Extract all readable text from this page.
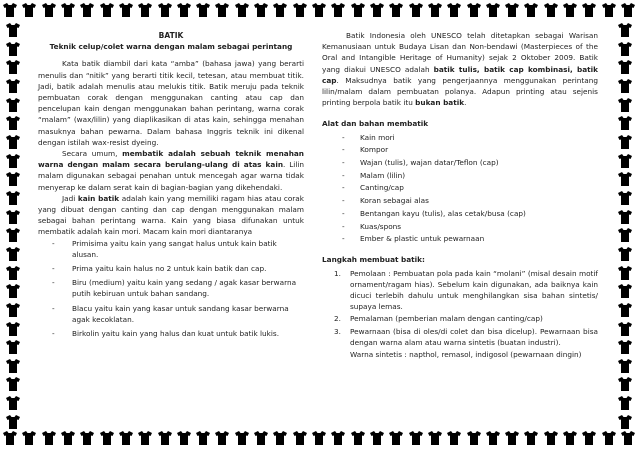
BATIK
Teknik celup/colet warna dengan malam sebagai perintang

Kata batik diambil dari kata “amba” (bahasa jawa) yang berarti menulis dan “nitik” yang berarti titik kecil, tetesan, atau membuat titik. Jadi, batik adalah menulis atau melukis titik. Batik meruju pada teknik pembuatan corak dengan menggunakan canting atau cap dan pencelupan kain dengan menggunakan bahan perintang, warna corak “malam” (wax/lilin) yang diaplikasikan di atas kain, sehingga menahan masuknya bahan pewarna. Dalam bahasa Inggris teknik ini dikenal dengan istilah wax-resist dyeing.

Secara umum, membatik adalah sebuah teknik menahan warna dengan malam secara berulang-ulang di atas kain. Lilin malam digunakan sebagai penahan untuk mencegah agar warna tidak menyerap ke dalam serat kain di bagian-bagian yang dikehendaki.

Jadi kain batik adalah kain yang memiliki ragam hias atau corak yang dibuat dengan canting dan cap dengan menggunakan malam sebagai bahan perintang warna. Kain yang biasa difunakan untuk membatik adalah kain mori. Macam kain mori diantaranya

- Primisima yaitu kain yang sangat halus untuk kain batik alusan.
- Prima yaitu kain halus no 2 untuk kain batik dan cap.
- Biru (medium) yaitu kain yang sedang / agak kasar berwarna putih kebiruan untuk bahan sandang.
- Blacu yaitu kain yang kasar untuk sandang kasar berwarna agak kecoklatan.
- Birkolin yaitu kain yang halus dan kuat untuk batik lukis.

Batik Indonesia oleh UNESCO telah ditetapkan sebagai Warisan Kemanusiaan untuk Budaya Lisan dan Non-bendawi (Masterpieces of the Oral and Intangible Heritage of Humanity) sejak 2 Oktober 2009. Batik yang diakui UNESCO adalah batik tulis, batik cap kombinasi, batik cap. Maksudnya batik yang pengerjaannya menggunakan perintang lilin/malam dalam pembuatan polanya. Adapun printing atau sejenis printing berpola batik itu bukan batik.

Alat dan bahan membatik
- Kain mori
- Kompor
- Wajan (tulis), wajan datar/Teflon (cap)
- Malam (lilin)
- Canting/cap
- Koran sebagai alas
- Bentangan kayu (tulis), alas cetak/busa (cap)
- Kuas/spons
- Ember & plastic untuk pewarnaan
Langkah membuat batik:
1. Pemolaan : Pembuatan pola pada kain “molani” (misal desain motif ornament/ragam hias). Sebelum kain digunakan, ada baiknya kain dicuci terlebih dahulu untuk menghilangkan sisa bahan sintetis/ supaya lemas.
2. Pemalaman (pemberian malam dengan canting/cap)
3. Pewarnaan (bisa di oles/di colet dan bisa dicelup). Pewarnaan bisa dengan warna alam atau warna sintetis (buatan industri).
Warna sintetis : napthol, remasol, indigosol (pewarnaan dingin)
